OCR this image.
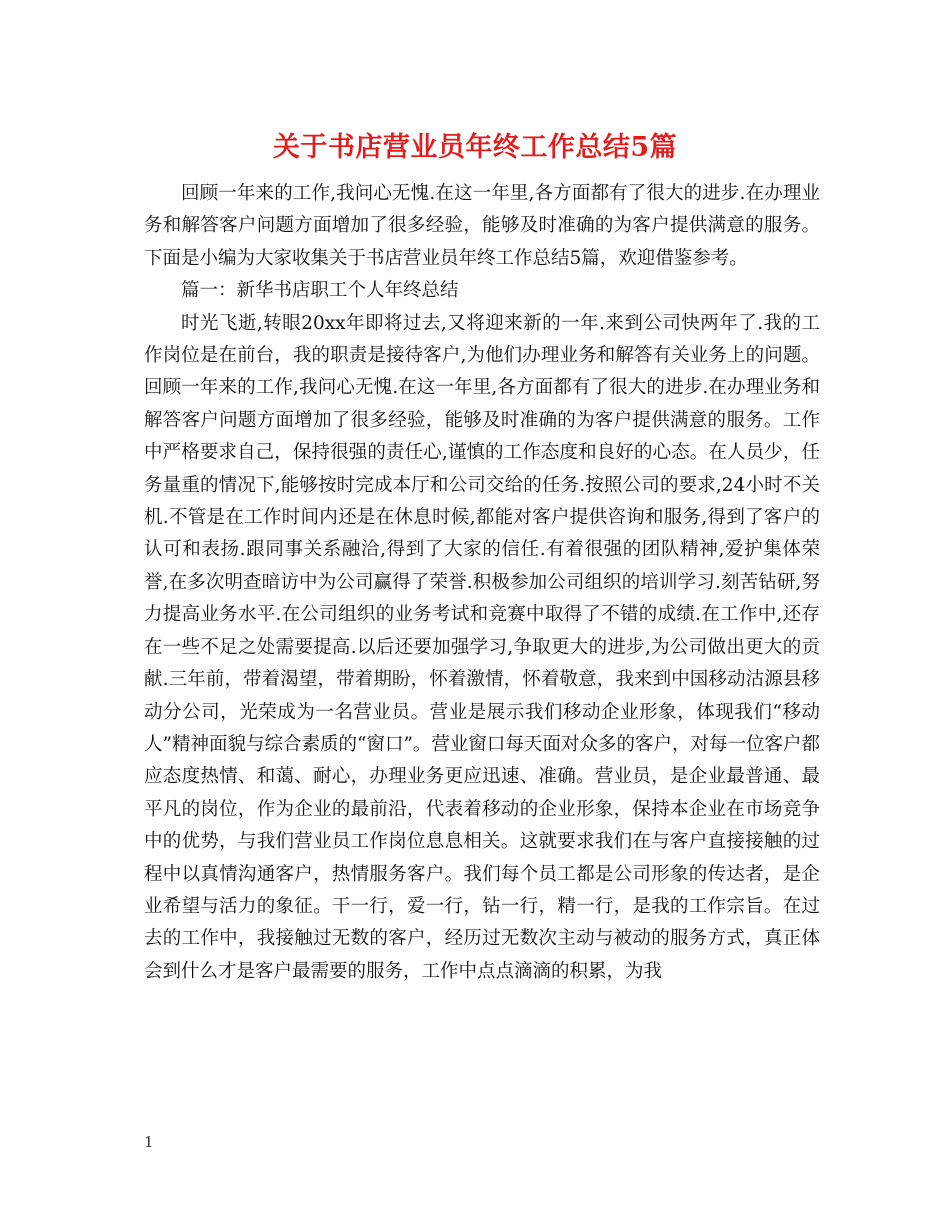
关于书店营业员年终工作总结5篇

回顾一年来的工作,我问心无愧.在这一年里,各方面都有了很大的进步.在办理业务和解答客户问题方面增加了很多经验，能够及时准确的为客户提供满意的服务。下面是小编为大家收集关于书店营业员年终工作总结5篇，欢迎借鉴参考。

篇一：新华书店职工个人年终总结

时光飞逝,转眼20xx年即将过去,又将迎来新的一年.来到公司快两年了.我的工作岗位是在前台，我的职责是接待客户,为他们办理业务和解答有关业务上的问题。回顾一年来的工作,我问心无愧.在这一年里,各方面都有了很大的进步.在办理业务和解答客户问题方面增加了很多经验，能够及时准确的为客户提供满意的服务。工作中严格要求自己，保持很强的责任心,谨慎的工作态度和良好的心态。在人员少，任务量重的情况下,能够按时完成本厅和公司交给的任务.按照公司的要求,24小时不关机.不管是在工作时间内还是在休息时候,都能对客户提供咨询和服务,得到了客户的认可和表扬.跟同事关系融洽,得到了大家的信任.有着很强的团队精神,爱护集体荣誉,在多次明查暗访中为公司赢得了荣誉.积极参加公司组织的培训学习.刻苦钻研,努力提高业务水平.在公司组织的业务考试和竞赛中取得了不错的成绩.在工作中,还存在一些不足之处需要提高.以后还要加强学习,争取更大的进步,为公司做出更大的贡献.三年前，带着渴望，带着期盼，怀着激情，怀着敬意，我来到中国移动沽源县移动分公司，光荣成为一名营业员。营业是展示我们移动企业形象，体现我们“移动人”精神面貌与综合素质的“窗口”。营业窗口每天面对众多的客户，对每一位客户都应态度热情、和蔼、耐心，办理业务更应迅速、准确。营业员，是企业最普通、最平凡的岗位，作为企业的最前沿，代表着移动的企业形象，保持本企业在市场竞争中的优势，与我们营业员工作岗位息息相关。这就要求我们在与客户直接接触的过程中以真情沟通客户，热情服务客户。我们每个员工都是公司形象的传达者，是企业希望与活力的象征。干一行，爱一行，钻一行，精一行，是我的工作宗旨。在过去的工作中，我接触过无数的客户，经历过无数次主动与被动的服务方式，真正体会到什么才是客户最需要的服务，工作中点点滴滴的积累，为我

1
